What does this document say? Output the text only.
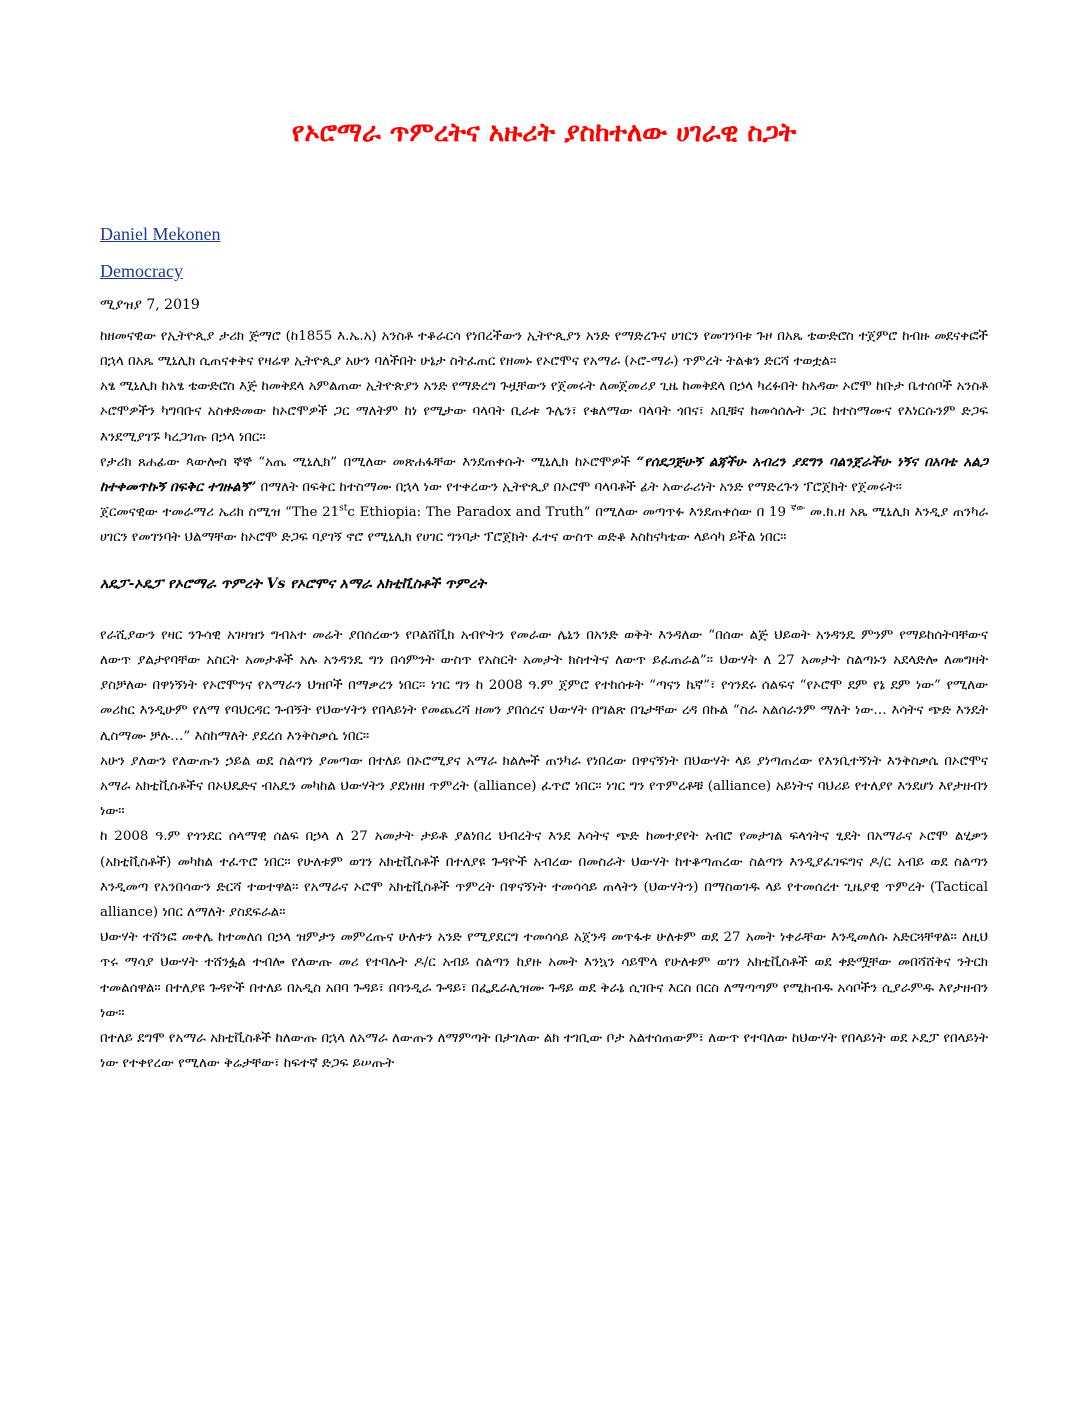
የኦሮማራ ጥምረትና አዙሪት ያስከተለው ሀገራዊ ስጋት
Daniel Mekonen
Democracy
ሚያዝያ 7, 2019

ከዘመናዊው የኢትዮጲያ ታሪክ ጅማሮ (ከ1855 እ.ኤ.አ) አንስቶ ተቆራርሳ የነበረችውን ኢትዮጲያን አንድ የማድረጉና ሀገርን የመገንባቱ ጉዞ በአጼ ቴውድሮስ ተጀምሮ ከብዙ መደናቀፎች በኋላ በአጼ ሚኒሊክ ሲጠናቀቅና የዛሬዋ ኢትዮጲያ አሁን ባለችበት ሁኔታ ስትፈጠር የዘመኑ የኦሮሞና የአማራ (ኦሮ-ማራ) ጥምረት ትልቁን ድርሻ ተወቷል፡፡

አፄ ሚኒሊክ ከአፄ ቴውድሮስ እጅ ከመቅደላ አምልጠው ኢትዮጵያን አንድ የማድረግ ጉዟቸውን የጀመሩት ለመጀመሪያ ጊዜ ከመቅደላ በኃላ ካረፉበት ከአዳው ኦሮሞ ከቡታ ቤተሰቦች አንስቶ ኦሮሞዎችን ካግባቡና አስቀድመው ከኦሮሞዎች ጋር ማለትም ከነ የሚታው ባላባት ቢራቱ ጉሌን፣ የቁለማው ባላባት ጎበና፣ አቢቹና ከመሳሰሉት ጋር ከተስማሙና የእነርሱንም ድጋፍ እንደሚያገኙ ካረጋገጡ በኃላ ነበር፡፡

የታሪክ ጸሐፊው ጳውሎስ ኞኞ “አጤ ሚኒሊክ” በሚለው መጽሐፋቸው እንደጠቀሱት ሚኒሊክ ከኦሮሞዎች “የሰደጋጅሁኝ ልጃችሁ አብረን ያደግን ባልንጀራችሁ ነኝና በአባቴ አልጋ ከተቀመጥኩኝ በፍቅር ተገዙልኝ” በማለት በፍቅር ከተስማሙ በኋላ ነው የተቀረውን ኢትዮጲያ በኦሮሞ ባላባቶች ፊት አውራሪነት አንድ የማድረጉን ፕሮጀክት የጀመሩት፡፡

ጀርመናዊው ተመራማሪ ኤሪክ ስሚዝ “The 21stc Ethiopia: The Paradox and Truth” በሚለው መጣጥፉ እንደጠቀሰው በ 19 $^{ኛው}$ መ.ክ.ዘ አጼ ሚኒሊክ እንዲያ ጠንካራ ሀገርን የመገንባት ህልማቸው ከኦሮሞ ድጋፍ ባያገኝ ኖሮ የሚኒሊክ የሀገር ግንባታ ፕሮጀክት ፈተና ውስጥ ወድቆ እስከናካቴው ላይሳካ ይችል ነበር፡፡

አዴፓ-ኦዴፓ የኦሮማራ ጥምረት Vs የኦሮሞና አማራ አክቲቪስቶች ጥምረት

የራሺያውን የዛር ንጉሳዊ አገዛዝን ግብአተ መሬት ያበሰረውን የቦልሸቪክ አብዮትን የመራው ሌኒን በአንድ ወቅት እንዳለው “በሰው ልጅ ህይወት አንዳንዴ ምንም የማይከሰትባቸውና ለውጥ ያልታየባቸው አስርት አመታቶች አሉ አንዳንዴ ግን በሳምንት ውስጥ የአስርት አመታት ክስተትና ለውጥ ይፈጠራል”፡፡ ህውሃት ለ 27 አመታት ስልጣኑን አደላድሎ ለመግዛት ያስቻለው በዋነኝነት የኦሮሞንና የአማራን ህዝቦች በማቃረን ነበር፡፡ ነገር ግን ከ 2008 ዓ.ም ጀምሮ የተከሰቱት “ጣናን ኬኛ”፣ የጎንደሩ ሰልፍና “የኦሮሞ ደም የኔ ደም ነው” የሚለው መሪከር እንዲሁም የለማ የባህርዳር ጉብኝት የህውሃትን የበላይነት የመጨረሻ ዘመን ያበሰረና ህውሃት በግልጽ በጌታቸው ረዳ በኩል “ስራ አልሰራንም ማለት ነው… እሳትና ጭድ እንዴት ሊስማሙ ቻሉ…” እስከማለት ያደረሰ እንቅስቃሴ ነበር፡፡

አሁን ያለውን የለውጡን ኃይል ወደ ስልጣን ያመጣው በተለይ በኦሮሚያና አማራ ክልሎች ጠንካራ የነበረው በዋናኝነት በህውሃት ላይ ያነጣጠረው የእንቢተኝነት እንቅስቃሴ በኦሮሞና አማራ አክቲቪስቶችና በኦህዴድና ብአዴን መካከል ህውሃትን ያደነዘዘ ጥምረት (alliance) ፈጥሮ ነበር፡፡ ነገር ግን የጥምረቶቹ (alliance) አይነትና ባህሪይ የተለያየ እንደሆነ እየታዘብን ነው፡፡

ከ 2008 ዓ.ም የጎንደር ሰላማዊ ሰልፍ በኃላ ለ 27 አመታት ታይቶ ያልነበረ ህብረትና እንደ እሳትና ጭድ ከመተያየት አብሮ የመታገል ፍላጎትና ፂደት በአማራና ኦሮሞ ልሂቃን (አክቲቪስቶች) መካከል ተፈጥሮ ነበር፡፡ የሁለቱም ወገን አክቲቪስቶች በተለያዩ ጉዳዮች አብረው በመስራት ህውሃት ከተቆጣጠረው ስልጣን እንዲያፈገፍግና ዶ/ር አብይ ወደ ስልጣን እንዲመጣ የአንበሳውን ድርሻ ተወተዋል፡፡ የአማራና ኦሮሞ አክቲቪስቶች ጥምረት በዋናኝነት ተመሳሳይ ጠላትን (ህውሃትን) በማስወገዱ ላይ የተመሰረተ ጊዜያዊ ጥምረት (Tactical alliance) ነበር ለማለት ያስደፍራል፡፡

ህውሃት ተሸንፎ መቀሌ ከተመለሰ በኃላ ዝምታን መምረጡና ሁለቱን አንድ የሚያደርግ ተመሳሳይ አጀንዳ መጥፋቱ ሁለቱም ወደ 27 አመት ነቀራቸው እንዲመለሱ አድርጓቸዋል፡፡ ለዚህ ጥሩ ማሳያ ህውሃት ተሸንፏል ተብሎ የለውጡ መሪ የተባሉት ዶ/ር አብይ ስልጣን ከያዙ አመት እንኳን ሳይሞላ የሁለቱም ወገን አክቲቪስቶች ወደ ቀድሟቸው መበሻሸቅና ንትርክ ተመልሰዋል፡፡ በተለያዩ ጉዳዮች በተለይ በአዲስ አበባ ጉዳይ፣ በባንዲራ ጉዳይ፣ በፌዴራሊዝሙ ጉዳይ ወደ ቅራኔ ሲገቡና እርስ በርስ ለማጣጣም የሚከብዱ አሳቦችን ሲያራምዱ እየታዘብን ነው፡፡

በተለይ ደግሞ የአማራ አክቲቪስቶች ከለውጡ በኋላ ለአማራ ለውጡን ለማምጣት በታገለው ልክ ተገቢው ቦታ አልተሰጠውም፣ ለውጥ የተባለው ከህውሃት የበላይነት ወደ ኦዴፓ የበላይነት ነው የተቀየረው የሚለው ቅሬታቸው፣ ከፍተኛ ድጋፍ ይሠጡት
